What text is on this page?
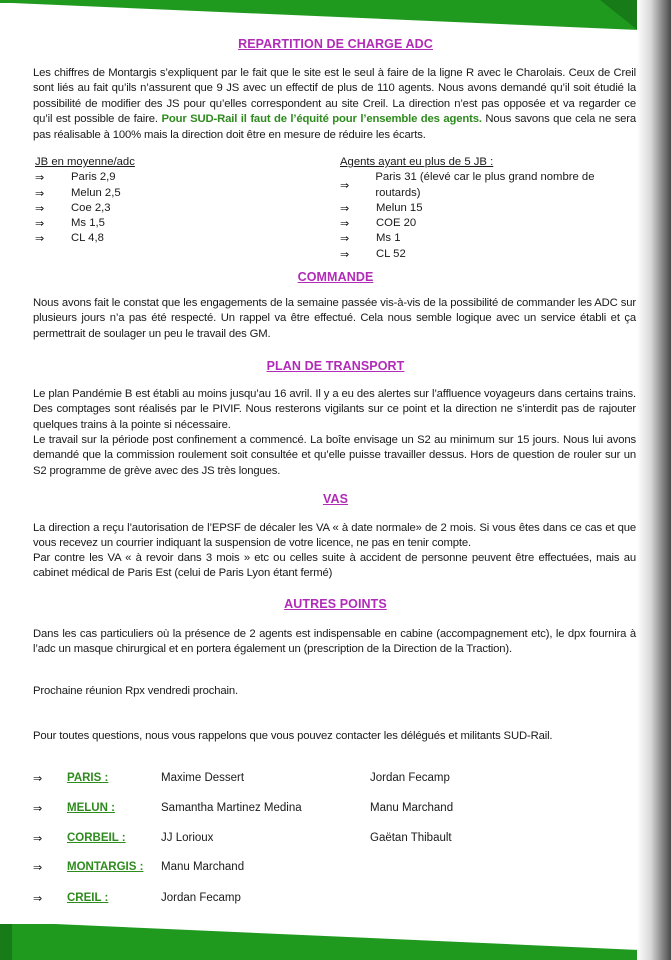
REPARTITION DE CHARGE ADC
Les chiffres de Montargis s’expliquent par le fait que le site est le seul à faire de la ligne R avec le Charolais. Ceux de Creil sont liés au fait qu’ils n’assurent que 9 JS avec un effectif de plus de 110 agents. Nous avons demandé qu’il soit étudié la possibilité de modifier des JS pour qu’elles correspondent au site Creil. La direction n’est pas opposée et va regarder ce qu’il est possible de faire. Pour SUD-Rail il faut de l’équité pour l’ensemble des agents. Nous savons que cela ne sera pas réalisable à 100% mais la direction doit être en mesure de réduire les écarts.
JB en moyenne/adc
⇒	Paris 2,9
⇒	Melun 2,5
⇒	Coe 2,3
⇒	Ms 1,5
⇒	CL 4,8
Agents ayant eu plus de 5 JB :
⇒
Paris 31 (élevé car le plus grand nombre de routards)
⇒	Melun 15
⇒	COE 20
⇒	Ms 1
⇒	CL 52
COMMANDE
Nous avons fait le constat que les engagements de la semaine passée vis-à-vis de la possibilité de commander les ADC sur plusieurs jours n’a pas été respecté. Un rappel va être effectué. Cela nous semble logique avec un service établi et ça permettrait de soulager un peu le travail des GM.
PLAN DE TRANSPORT
Le plan Pandémie B est établi au moins jusqu’au 16 avril. Il y a eu des alertes sur l’affluence voyageurs dans certains trains. Des comptages sont réalisés par le PIVIF. Nous resterons vigilants sur ce point et la direction ne s’interdit pas de rajouter quelques trains à la pointe si nécessaire.
Le travail sur la période post confinement a commencé. La boîte envisage un S2 au minimum sur 15 jours. Nous lui avons demandé que la commission roulement soit consultée et qu’elle puisse travailler dessus. Hors de question de rouler sur un S2 programme de grève avec des JS très longues.
VAS
La direction a reçu l’autorisation de l’EPSF de décaler les VA « à date normale» de 2 mois. Si vous êtes dans ce cas et que vous recevez un courrier indiquant la suspension de votre licence, ne pas en tenir compte.
Par contre les VA « à revoir dans 3 mois » etc ou celles suite à accident de personne peuvent être effectuées, mais au cabinet médical de Paris Est (celui de Paris Lyon étant fermé)
AUTRES POINTS
Dans les cas particuliers où la présence de 2 agents est indispensable en cabine (accompagnement etc), le dpx fournira à l’adc un masque chirurgical et en portera également un (prescription de la Direction de la Traction).
Prochaine réunion Rpx vendredi prochain.
Pour toutes questions, nous vous rappelons que vous pouvez contacter les délégués et militants SUD-Rail.
⇒ PARIS :	Maxime Dessert	Jordan Fecamp
⇒ MELUN :	Samantha Martinez Medina	Manu Marchand
⇒ CORBEIL :	JJ Lorioux	Gaëtan Thibault
⇒ MONTARGIS : Manu Marchand
⇒ CREIL :	Jordan Fecamp
